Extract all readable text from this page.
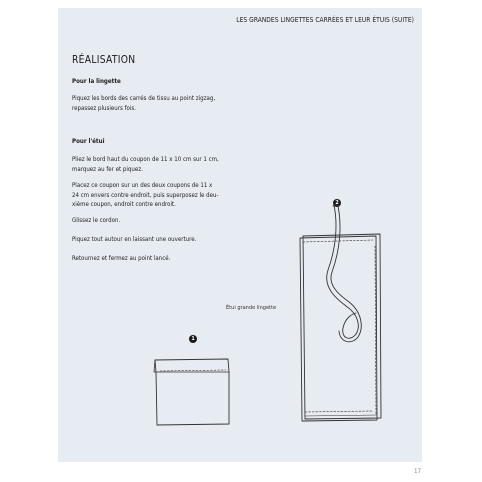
LES GRANDES LINGETTES CARRÉES ET LEUR ÉTUIS (SUITE)
RÉALISATION
Pour la lingette
Piquez les bords des carrés de tissu au point zigzag,
repassez plusieurs fois.
Pour l'étui
Pliez le bord haut du coupon de 11 x 10 cm sur 1 cm,
marquez au fer et piquez.
Placez ce coupon sur un des deux coupons de 11 x
24 cm envers contre endroit, puis superposez le deu-
xième coupon, endroit contre endroit.
Glissez le cordon.
Piquez tout autour en laissant une ouverture.
Retournez et fermez au point lancé.
Étui grande lingette
1
2
17
